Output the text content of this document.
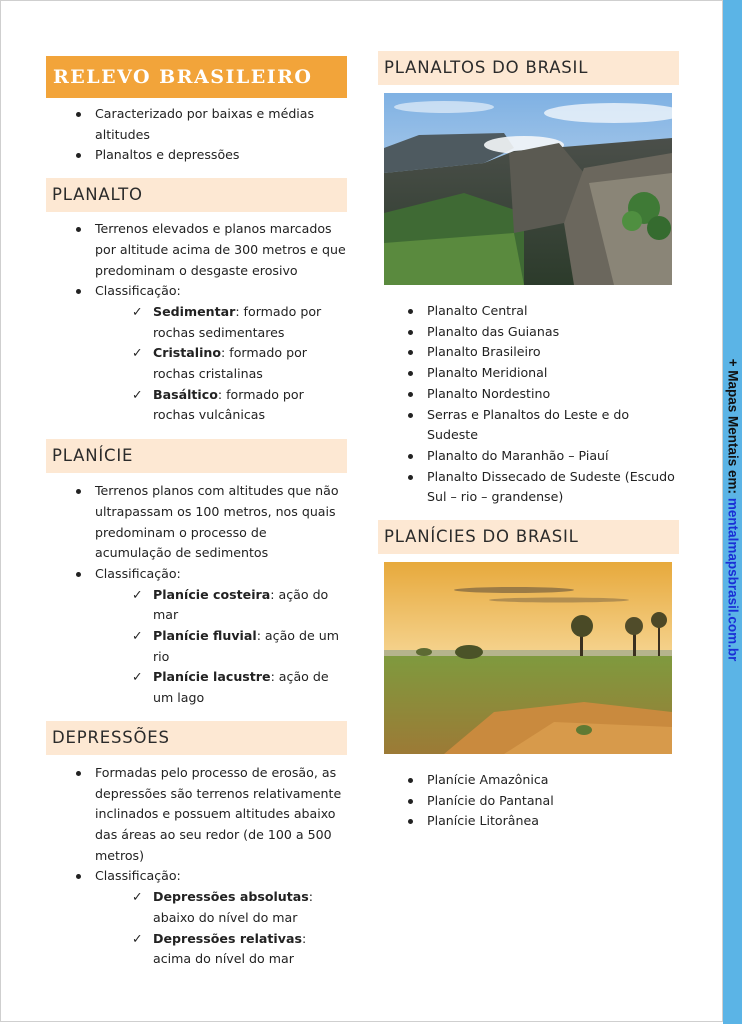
+ Mapas Mentais em: mentalmapsbrasil.com.br
RELEVO BRASILEIRO
Caracterizado por baixas e médias altitudes
Planaltos e depressões
PLANALTO
Terrenos elevados e planos marcados por altitude acima de 300 metros e que predominam o desgaste erosivo
Classificação:
✓ Sedimentar: formado por rochas sedimentares
✓ Cristalino: formado por rochas cristalinas
✓ Basáltico: formado por rochas vulcânicas
PLANÍCIE
Terrenos planos com altitudes que não ultrapassam os 100 metros, nos quais predominam o processo de acumulação de sedimentos
Classificação:
✓ Planície costeira: ação do mar
✓ Planície fluvial: ação de um rio
✓ Planície lacustre: ação de um lago
DEPRESSÕES
Formadas pelo processo de erosão, as depressões são terrenos relativamente inclinados e possuem altitudes abaixo das áreas ao seu redor (de 100 a 500 metros)
Classificação:
✓ Depressões absolutas: abaixo do nível do mar
✓ Depressões relativas: acima do nível do mar
PLANALTOS DO BRASIL
Planalto Central
Planalto das Guianas
Planalto Brasileiro
Planalto Meridional
Planalto Nordestino
Serras e Planaltos do Leste e do Sudeste
Planalto do Maranhão – Piauí
Planalto Dissecado de Sudeste (Escudo Sul – rio – grandense)
PLANÍCIES DO BRASIL
Planície Amazônica
Planície do Pantanal
Planície Litorânea
